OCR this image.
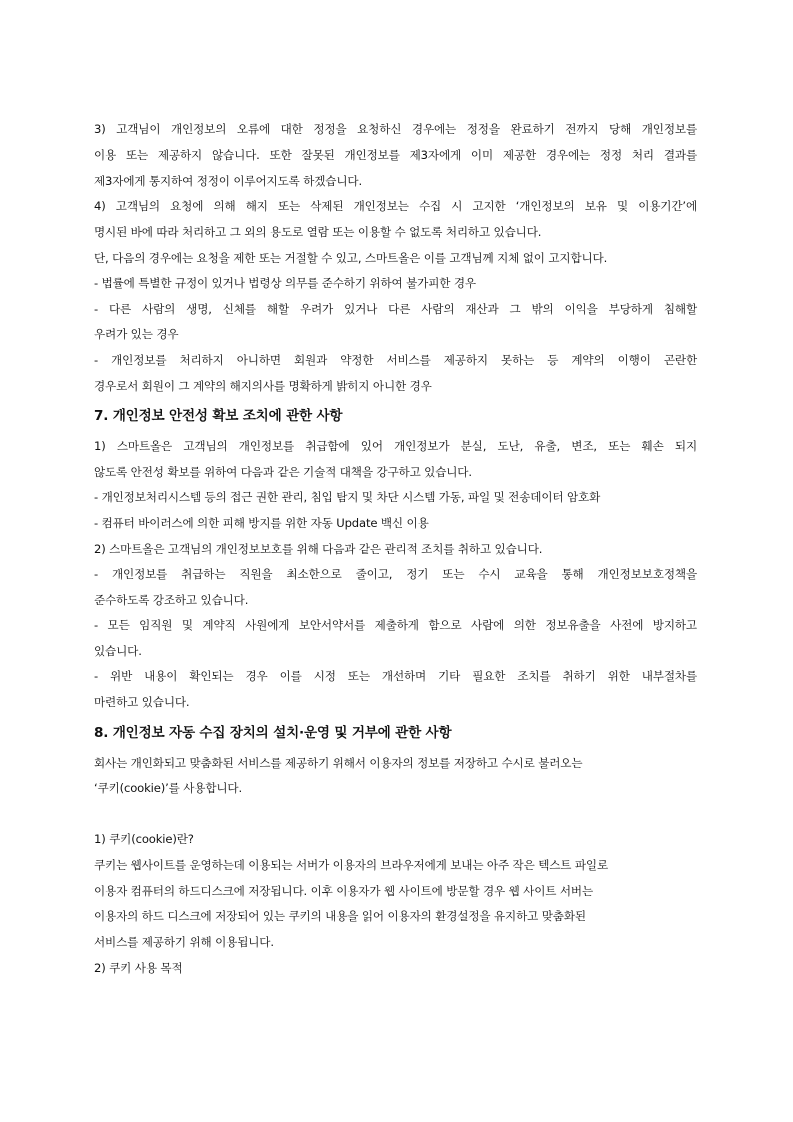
3) 고객님이 개인정보의 오류에 대한 정정을 요청하신 경우에는 정정을 완료하기 전까지 당해 개인정보를
이용 또는 제공하지 않습니다. 또한 잘못된 개인정보를 제3자에게 이미 제공한 경우에는 정정 처리 결과를
제3자에게 통지하여 정정이 이루어지도록 하겠습니다.
4) 고객님의 요청에 의해 해지 또는 삭제된 개인정보는 수집 시 고지한 ‘개인정보의 보유 및 이용기간’에
명시된 바에 따라 처리하고 그 외의 용도로 열람 또는 이용할 수 없도록 처리하고 있습니다.
단, 다음의 경우에는 요청을 제한 또는 거절할 수 있고, 스마트올은 이를 고객님께 지체 없이 고지합니다.
- 법률에 특별한 규정이 있거나 법령상 의무를 준수하기 위하여 불가피한 경우
- 다른 사람의 생명, 신체를 해할 우려가 있거나 다른 사람의 재산과 그 밖의 이익을 부당하게 침해할
우려가 있는 경우
- 개인정보를 처리하지 아니하면 회원과 약정한 서비스를 제공하지 못하는 등 계약의 이행이 곤란한
경우로서 회원이 그 계약의 해지의사를 명확하게 밝히지 아니한 경우
7. 개인정보 안전성 확보 조치에 관한 사항
1) 스마트올은 고객님의 개인정보를 취급함에 있어 개인정보가 분실, 도난, 유출, 변조, 또는 훼손 되지
않도록 안전성 확보를 위하여 다음과 같은 기술적 대책을 강구하고 있습니다.
- 개인정보처리시스템 등의 접근 권한 관리, 침입 탐지 및 차단 시스템 가동, 파일 및 전송데이터 암호화
- 컴퓨터 바이러스에 의한 피해 방지를 위한 자동 Update 백신 이용
2) 스마트올은 고객님의 개인정보보호를 위해 다음과 같은 관리적 조치를 취하고 있습니다.
- 개인정보를 취급하는 직원을 최소한으로 줄이고, 정기 또는 수시 교육을 통해 개인정보보호정책을
준수하도록 강조하고 있습니다.
- 모든 임직원 및 계약직 사원에게 보안서약서를 제출하게 함으로 사람에 의한 정보유출을 사전에 방지하고
있습니다.
- 위반 내용이 확인되는 경우 이를 시정 또는 개선하며 기타 필요한 조치를 취하기 위한 내부절차를
마련하고 있습니다.
8. 개인정보 자동 수집 장치의 설치·운영 및 거부에 관한 사항
회사는 개인화되고 맞춤화된 서비스를 제공하기 위해서 이용자의 정보를 저장하고 수시로 불러오는
‘쿠키(cookie)’를 사용합니다.
1) 쿠키(cookie)란?
쿠키는 웹사이트를 운영하는데 이용되는 서버가 이용자의 브라우저에게 보내는 아주 작은 텍스트 파일로
이용자 컴퓨터의 하드디스크에 저장됩니다. 이후 이용자가 웹 사이트에 방문할 경우 웹 사이트 서버는
이용자의 하드 디스크에 저장되어 있는 쿠키의 내용을 읽어 이용자의 환경설정을 유지하고 맞춤화된
서비스를 제공하기 위해 이용됩니다.
2) 쿠키 사용 목적
